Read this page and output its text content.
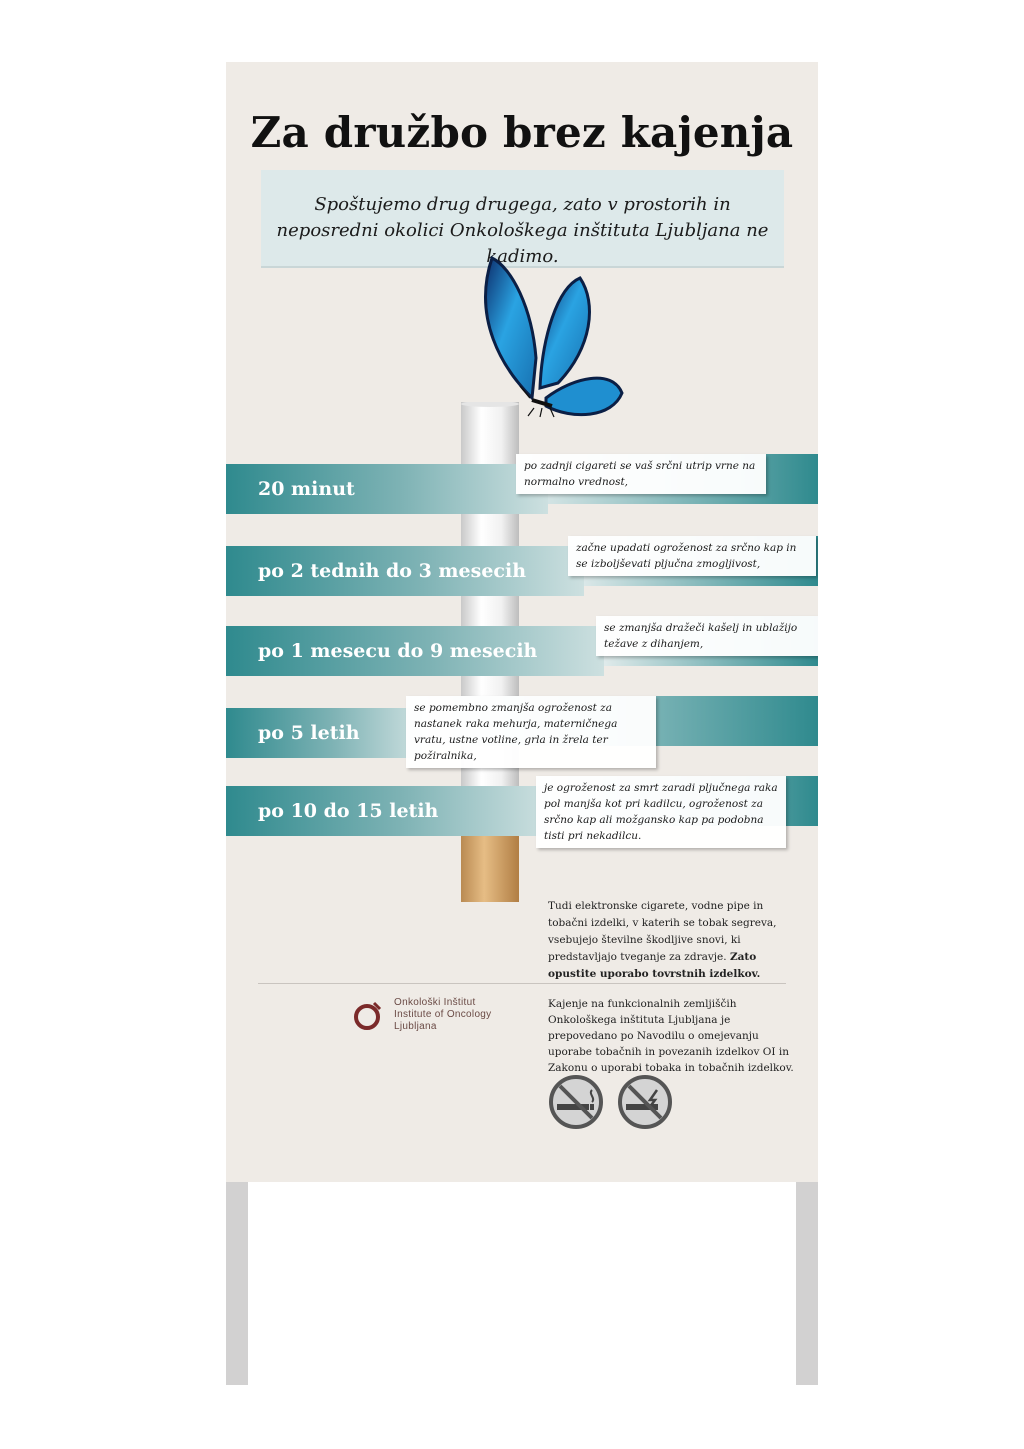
Za družbo brez kajenja
Spoštujemo drug drugega, zato v prostorih in neposredni okolici Onkološkega inštituta Ljubljana ne kadimo.
20 minut
po zadnji cigareti se vaš srčni utrip vrne na normalno vrednost,
po 2 tednih do 3 mesecih
začne upadati ogroženost za srčno kap in se izboljševati pljučna zmogljivost,
po 1 mesecu do 9 mesecih
se zmanjša dražeči kašelj in ublažijo težave z dihanjem,
po 5 letih
se pomembno zmanjša ogroženost za nastanek raka mehurja, materničnega vratu, ustne votline, grla in žrela ter požiralnika,
po 10 do 15 letih
je ogroženost za smrt zaradi pljučnega raka pol manjša kot pri kadilcu, ogroženost za srčno kap ali možgansko kap pa podobna tisti pri nekadilcu.
Tudi elektronske cigarete, vodne pipe in tobačni izdelki, v katerih se tobak segreva, vsebujejo številne škodljive snovi, ki predstavljajo tveganje za zdravje. Zato opustite uporabo tovrstnih izdelkov.
Onkološki Inštitut
Institute of Oncology
Ljubljana
Kajenje na funkcionalnih zemljiščih Onkološkega inštituta Ljubljana je prepovedano po Navodilu o omejevanju uporabe tobačnih in povezanih izdelkov OI in Zakonu o uporabi tobaka in tobačnih izdelkov.
